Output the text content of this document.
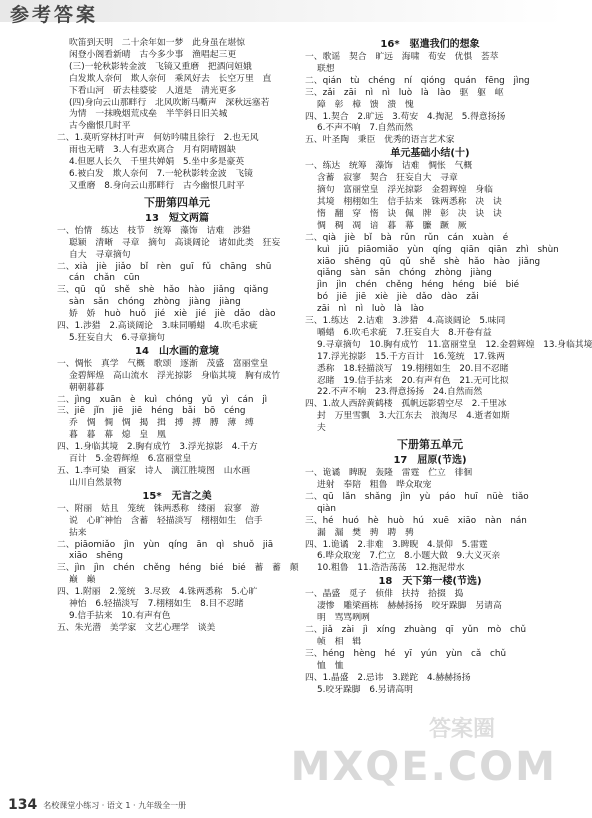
参考答案
吹笛到天明　二十余年如一梦　此身虽在堪惊
闲登小阁看新晴　古今多少事　渔唱起三更
(三)一轮秋影转金波　飞镜又重磨　把酒问姮娥
白发欺人奈何　欺人奈何　乘风好去　长空万里　直
下看山河　斫去桂婆娑　人道是　清光更多
(四)身向云山那畔行　北风吹断马嘶声　深秋远塞若
为情　一抹晚烟荒戍垒　半竿斜日旧关城
古今幽恨几时平
二、1.莫听穿林打叶声　何妨吟啸且徐行　2.也无风
雨也无晴　3.人有悲欢离合　月有阴晴圆缺
4.但愿人长久　千里共婵娟　5.坐中多是豪英
6.被白发　欺人奈何　7.一轮秋影转金波　飞镜
又重磨　8.身向云山那畔行　古今幽恨几时平
下册第四单元
13　短文两篇
一、怡情　练达　枝节　统筹　藻饰　诘难　涉猎
聪颖　清晰　寻章　摘句　高谈阔论　诸如此类　狂妄
自大　寻章摘句
二、xià　jiè　jiǎo　bǐ　rèn　guī　fǔ　chāng　shū
cán　chǎn　cūn
三、qū　qǔ　shě　shè　hǎo　hào　jiǎng　qiǎng
sàn　sǎn　chóng　zhòng　jiàng　jiàng
娇　娇　huò　huǒ　jié　xiè　jié　jiè　dǎo　dào
四、1.涉猎　2.高谈阔论　3.味同嚼蜡　4.吹毛求疵
5.狂妄自大　6.寻章摘句
14　山水画的意境
一、惆怅　真学　气概　歌颂　逐渐　茂盛　富丽堂皇
金碧辉煌　高山流水　浮光掠影　身临其境　胸有成竹
朝朝暮暮
二、jìng　xuān　è　kuì　chóng　yǔ　yì　cán　jì
三、jiē　jǐn　jiē　jiē　héng　bǎi　bō　céng
乔　惆　惆　惆　揭　揖　搏　搏　膊　薄　缚
暮　暮　幕　熄　皇　凰
四、1.身临其境　2.胸有成竹　3.浮光掠影　4.千方
百计　5.金碧辉煌　6.富丽堂皇
五、1.李可染　画家　诗人　漓江胜境图　山水画
山川自然景物
15*　无言之美
一、附丽　姑且　笼统　铢两悉称　缕丽　寂寥　游
说　心旷神怡　含蓄　轻描淡写　栩栩如生　信手
拈来
二、piāomiǎo　jìn　yùn　qíng　ān　qì　shuǒ　jiā
xiāo　shēng
三、jìn　jìn　chén　chěng　héng　bié　bié　蓄　蓄　颠
巅　巅
四、1.附丽　2.笼统　3.尽致　4.铢两悉称　5.心旷
神怡　6.轻描淡写　7.栩栩如生　8.目不忍睹
9.信手拈来　10.有声有色
五、朱光潜　美学家　文艺心理学　谈美
16*　驱遣我们的想象
一、歌谣　契合　旷远　海啸　荀安　优惧　荟萃
联想
二、qián　tù　chéng　ní　qióng　quán　fēng　jìng
三、zǎi　zāi　nì　nì　luò　là　lào　驱　躯　岖
障　彰　樟　馈　溃　愧
四、1.契合　2.旷远　3.苟安　4.掏泥　5.得意扬扬
6.不声不响　7.自然而然
五、叶圣陶　秉臣　优秀的语言艺术家
单元基础小结(十)
一、练达　统筹　藻饰　诘难　惆怅　气概
含蓄　寂寥　契合　狂妄自大　寻章
摘句　富丽堂皇　浮光掠影　金碧辉煌　身临
其境　栩栩如生　信手拈来　铢两悉称　决　诀
惰　翻　穿　惰　诀　佩　牌　彰　决　诀　诀
惆　稠　凋　谙　暮　幕　臁　蹶　厥
二、qià　jiè　bǐ　bà　rǔn　rǔn　cán　xuàn　é
kuì　jiū　piāomiǎo　yùn　qíng　qiān　qiān　zhì　shùn
xiāo　shēng　qū　qǔ　shě　shè　hǎo　hào　jiǎng
qiǎng　sàn　sǎn　chóng　zhòng　jiàng
jìn　jìn　chén　chěng　héng　héng　bié　bié
bó　jiē　jiē　xiè　jiè　dǎo　dào　zǎi
zāi　nì　nì　luò　là　lào
三、1.练达　2.诘难　3.涉猎　4.高谈阔论　5.味同
嚼蜡　6.吹毛求疵　7.狂妄自大　8.开卷有益
9.寻章摘句　10.胸有成竹　11.富丽堂皇　12.金碧辉煌　13.身临其境
17.浮光掠影　15.千方百计　16.笼统　17.铢两
悉称　18.轻描淡写　19.栩栩如生　20.目不忍睹
忍睹　19.信手拈来　20.有声有色　21.无可比拟
22.不声不响　23.得意扬扬　24.自然而然
四、1.故人西辞黄鹤楼　孤帆远影碧空尽　2.千里冰
封　万里雪飘　3.大江东去　浪淘尽　4.逝者如斯
夫
下册第五单元
17　屈原(节选)
一、诡谲　睥睨　轰隆　雷霆　伫立　徘徊
进射　奉陪　粗鲁　哗众取宠
二、qū　lǎn　shǎng　jìn　yù　páo　huī　nüè　tiǎo
qiàn
三、hé　huó　hè　huò　hú　xuē　xiāo　nàn　nán
漏　漏　樊　骋　聘　骋
四、1.诡谲　2.非难　3.睥睨　4.景仰　5.雷霆
6.哗众取宠　7.伫立　8.小题大做　9.大义灭亲
10.粗鲁　11.浩浩荡荡　12.拖泥带水
18　天下第一楼(节选)
一、晶盛　觅子　侦俳　扶持　拾掇　捣
凄惨　雕梁画栋　赫赫扬扬　咬牙跺脚　另请高
明　骂骂咧咧
二、jiǎ　zài　jì　xíng　zhuàng　qī　yǔn　mò　chǔ
帧　相　辑
三、héng　hèng　hé　yī　yún　yùn　cǎ　chǔ
恤　恤
四、1.晶盛　2.忌讳　3.蹉跎　4.赫赫扬扬
5.咬牙跺脚　6.另请高明
答案圈
MXQE.COM
134 名校课堂小练习 · 语文 1 · 九年级全一册
